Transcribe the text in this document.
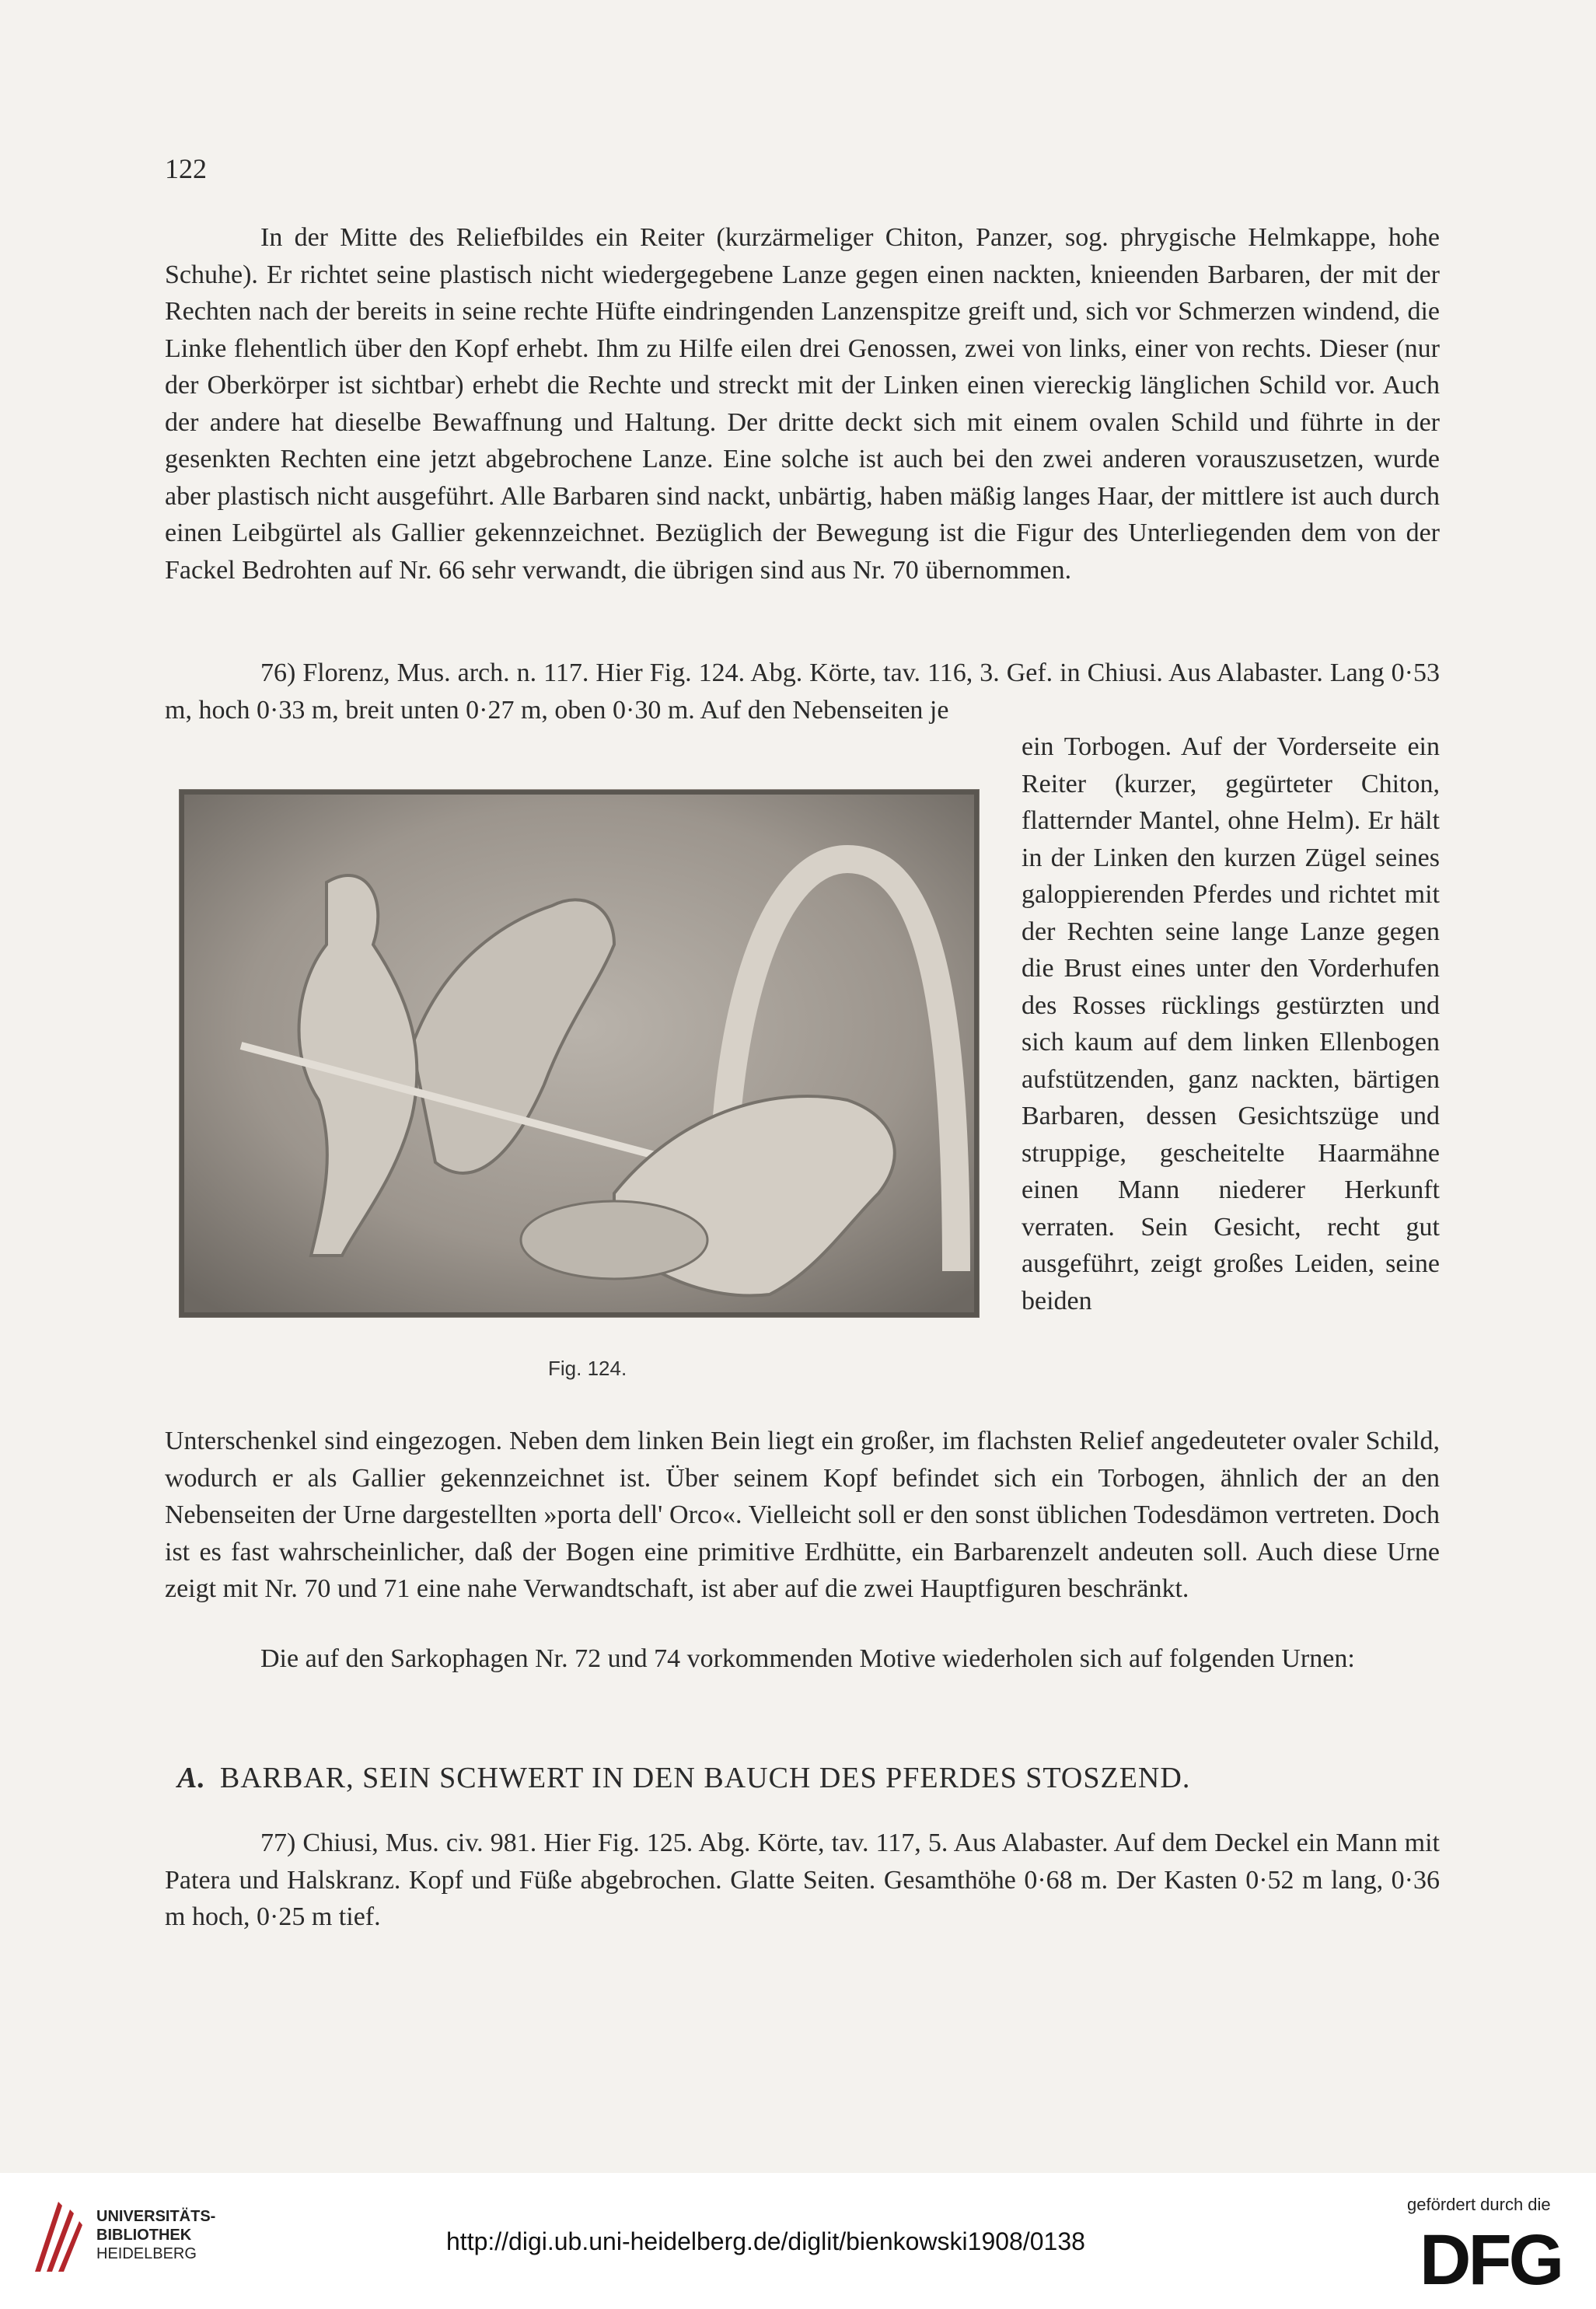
122

In der Mitte des Reliefbildes ein Reiter (kurzärmeliger Chiton, Panzer, sog. phrygische Helmkappe, hohe Schuhe). Er richtet seine plastisch nicht wiedergegebene Lanze gegen einen nackten, knieenden Barbaren, der mit der Rechten nach der bereits in seine rechte Hüfte eindringenden Lanzenspitze greift und, sich vor Schmerzen windend, die Linke flehentlich über den Kopf erhebt. Ihm zu Hilfe eilen drei Genossen, zwei von links, einer von rechts. Dieser (nur der Oberkörper ist sichtbar) erhebt die Rechte und streckt mit der Linken einen viereckig länglichen Schild vor. Auch der andere hat dieselbe Bewaffnung und Haltung. Der dritte deckt sich mit einem ovalen Schild und führte in der gesenkten Rechten eine jetzt abgebrochene Lanze. Eine solche ist auch bei den zwei anderen vorauszusetzen, wurde aber plastisch nicht ausgeführt. Alle Barbaren sind nackt, unbärtig, haben mäßig langes Haar, der mittlere ist auch durch einen Leibgürtel als Gallier gekennzeichnet. Bezüglich der Bewegung ist die Figur des Unterliegenden dem von der Fackel Bedrohten auf Nr. 66 sehr verwandt, die übrigen sind aus Nr. 70 übernommen.

76) Florenz, Mus. arch. n. 117. Hier Fig. 124. Abg. Körte, tav. 116, 3. Gef. in Chiusi. Aus Alabaster. Lang 0·53 m, hoch 0·33 m, breit unten 0·27 m, oben 0·30 m. Auf den Nebenseiten je

ein Torbogen. Auf der Vorderseite ein Reiter (kurzer, gegürteter Chiton, flatternder Mantel, ohne Helm). Er hält in der Linken den kurzen Zügel seines galoppierenden Pferdes und richtet mit der Rechten seine lange Lanze gegen die Brust eines unter den Vorderhufen des Rosses rücklings gestürzten und sich kaum auf dem linken Ellenbogen aufstützenden, ganz nackten, bärtigen Barbaren, dessen Gesichtszüge und struppige, gescheitelte Haarmähne einen Mann niederer Herkunft verraten. Sein Gesicht, recht gut ausgeführt, zeigt großes Leiden, seine beiden

Fig. 124.

Unterschenkel sind eingezogen. Neben dem linken Bein liegt ein großer, im flachsten Relief angedeuteter ovaler Schild, wodurch er als Gallier gekennzeichnet ist. Über seinem Kopf befindet sich ein Torbogen, ähnlich der an den Nebenseiten der Urne dargestellten »porta dell' Orco«. Vielleicht soll er den sonst üblichen Todesdämon vertreten. Doch ist es fast wahrscheinlicher, daß der Bogen eine primitive Erdhütte, ein Barbarenzelt andeuten soll. Auch diese Urne zeigt mit Nr. 70 und 71 eine nahe Verwandtschaft, ist aber auf die zwei Hauptfiguren beschränkt.

Die auf den Sarkophagen Nr. 72 und 74 vorkommenden Motive wiederholen sich auf folgenden Urnen:

A. BARBAR, SEIN SCHWERT IN DEN BAUCH DES PFERDES STOSZEND.

77) Chiusi, Mus. civ. 981. Hier Fig. 125. Abg. Körte, tav. 117, 5. Aus Alabaster. Auf dem Deckel ein Mann mit Patera und Halskranz. Kopf und Füße abgebrochen. Glatte Seiten. Gesamthöhe 0·68 m. Der Kasten 0·52 m lang, 0·36 m hoch, 0·25 m tief.

UNIVERSITÄTS-
BIBLIOTHEK
HEIDELBERG	http://digi.ub.uni-heidelberg.de/diglit/bienkowski1908/0138
gefördert durch die
DFG
